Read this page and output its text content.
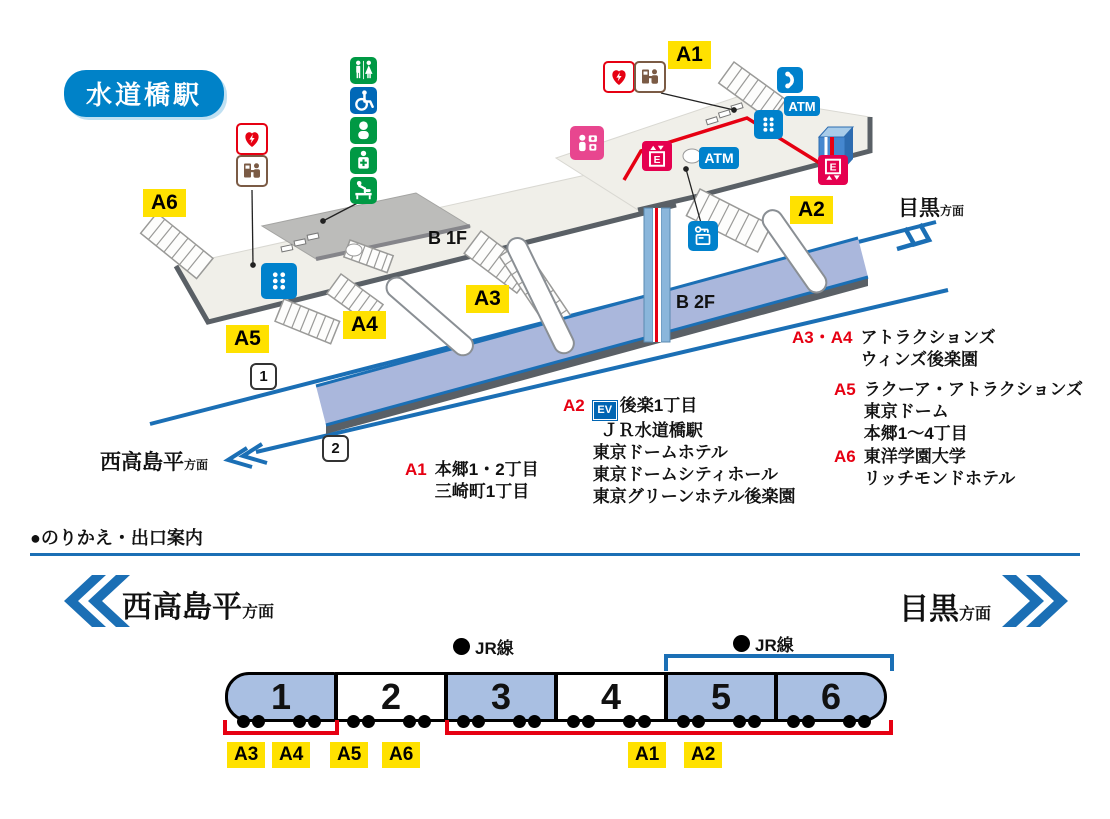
水道橋駅	ATM
E
E
ATM
A1
A2
A3
A4
A5
A6
B 1F
B 2F
1
2
目黒方面
西高島平方面	A1 本郷1・2丁目
三崎町1丁目
A2 EV 後楽1丁目
ＪＲ水道橋駅
東京ドームホテル
東京ドームシティホール
東京グリーンホテル後楽園
A3・A4 アトラクションズ
ウィンズ後楽園
A5 ラクーア・アトラクションズ
東京ドーム
本郷1～4丁目
A6 東洋学園大学
リッチモンドホテル
●のりかえ・出口案内
西高島平方面	目黒方面
JR線	JR線
1 2 3 4 5 6
A3	A4	A5	A6	A1	A2
